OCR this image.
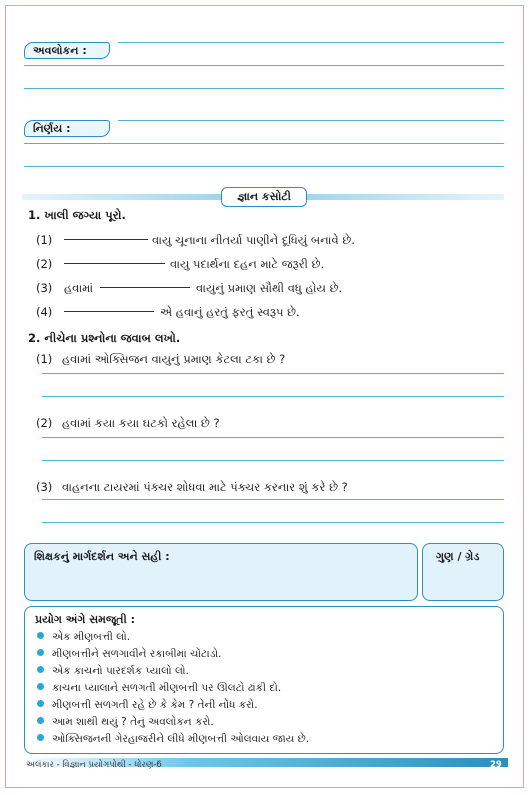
અવલોકન :
નિર્ણય :
જ્ઞાન કસોટી
1. ખાલી જગ્યા પૂરો.
(1)	વાયુ ચૂનાના નીતર્યા પાણીને દૂધિયું બનાવે છે.
(2)	વાયુ પદાર્થના દહન માટે જરૂરી છે.
(3) હવામાં	વાયુનું પ્રમાણ સૌથી વધુ હોય છે.
(4)	એ હવાનું હરતું ફરતું સ્વરૂપ છે.
2. નીચેના પ્રશ્નોના જવાબ લખો.
(1) હવામાં ઓક્સિજન વાયુનું પ્રમાણ કેટલા ટકા છે ?
(2) હવામાં કયા કયા ઘટકો રહેલા છે ?
(3) વાહનના ટાયરમાં પંક્ચર શોધવા માટે પંક્ચર કરનાર શું કરે છે ?
શિક્ષકનું માર્ગદર્શન અને સહી :	ગુણ / ગ્રેડ
પ્રયોગ અંગે સમજૂતી :
એક મીણબત્તી લો.
મીણબત્તીને સળગાવીને રકાબીમાં ચોંટાડો.
એક કાચનો પારદર્શક પ્યાલો લો.
કાચના પ્યાલાને સળગતી મીણબત્તી પર ઊલટો ઢાંકી દો.
મીણબત્તી સળગતી રહે છે કે કેમ ? તેની નોંધ કરો.
આમ શાથી થયું ? તેનું અવલોકન કરો.
ઓક્સિજનની ગેરહાજરીને લીધે મીણબત્તી ઓલવાય જાય છે.
અલંકાર - વિજ્ઞાન પ્રયોગપોથી - ધોરણ-6	29
